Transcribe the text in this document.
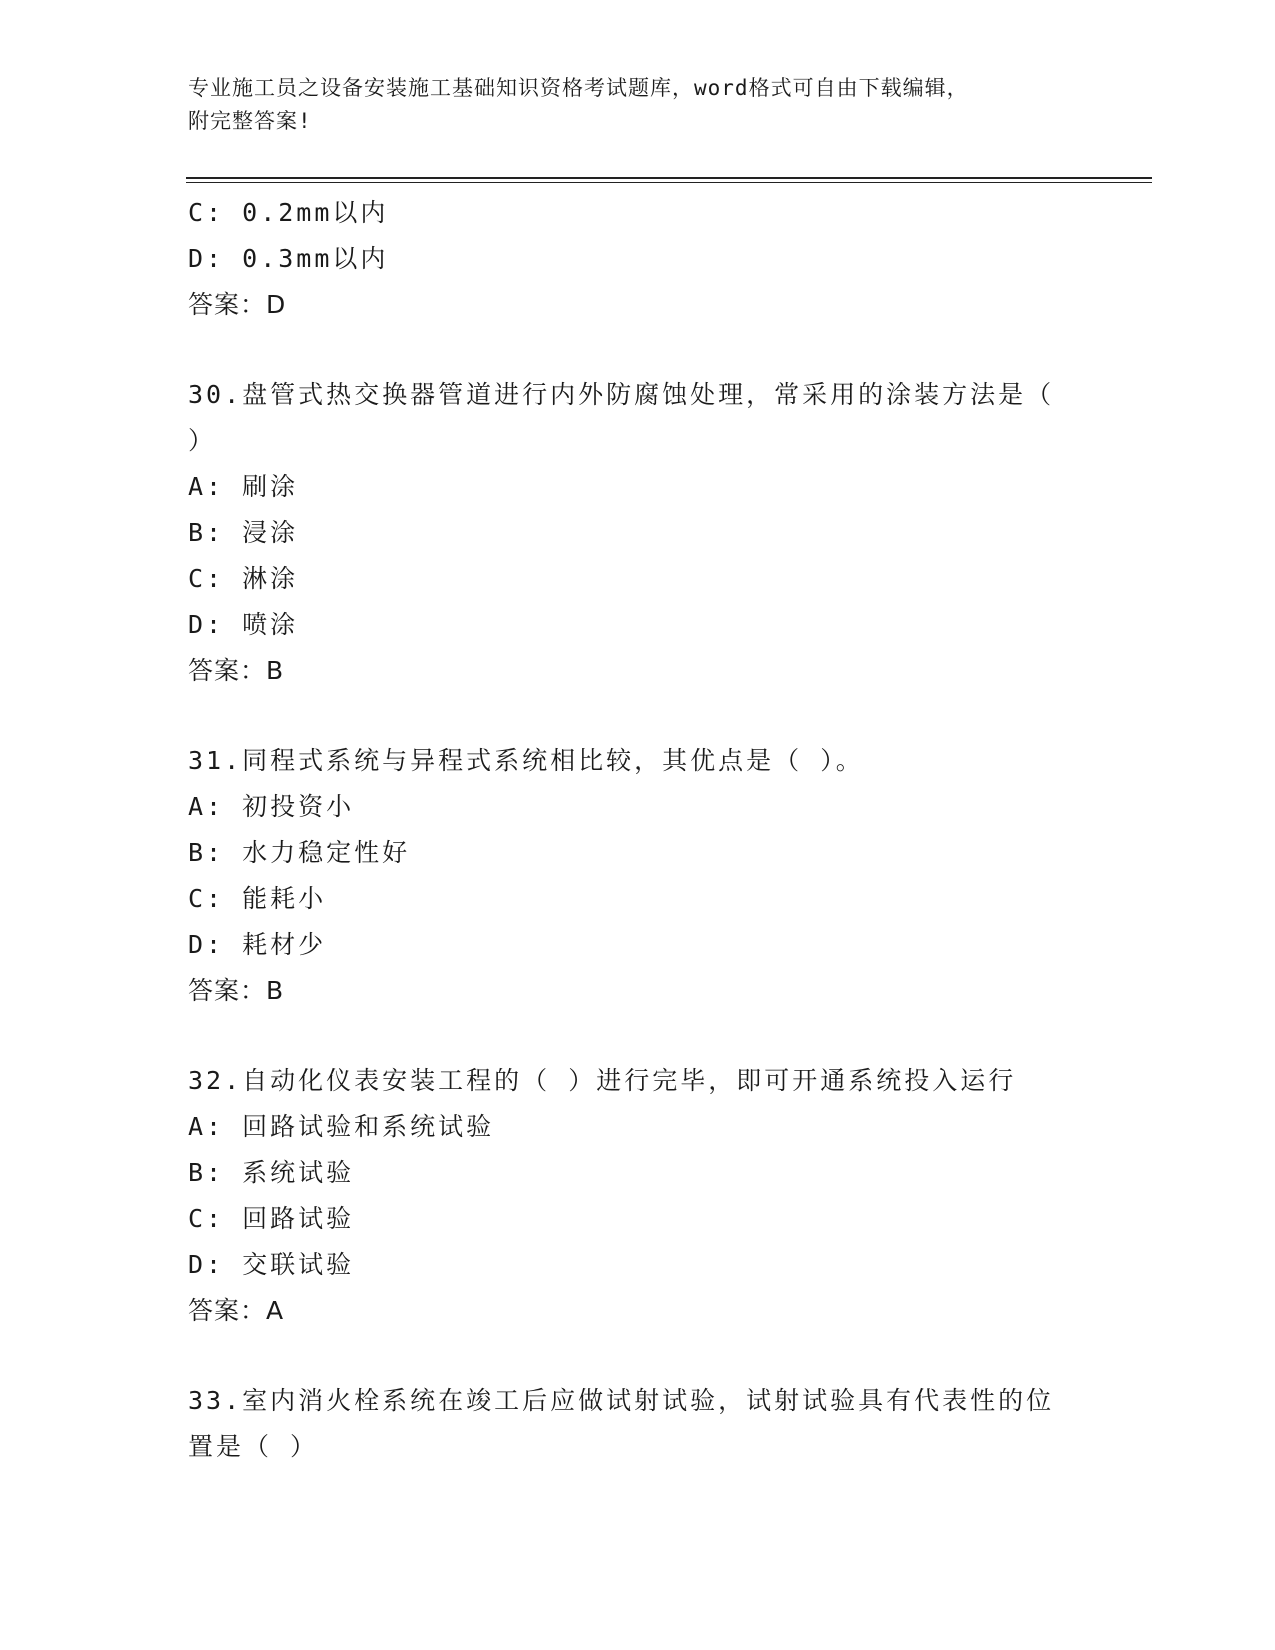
专业施工员之设备安装施工基础知识资格考试题库，word格式可自由下载编辑，
附完整答案!
C: 0.2mm以内
D: 0.3mm以内
答案：D
30.盘管式热交换器管道进行内外防腐蚀处理，常采用的涂装方法是（
）
A: 刷涂
B: 浸涂
C: 淋涂
D: 喷涂
答案：B
31.同程式系统与异程式系统相比较，其优点是（ ）。
A: 初投资小
B: 水力稳定性好
C: 能耗小
D: 耗材少
答案：B
32.自动化仪表安装工程的（ ）进行完毕，即可开通系统投入运行
A: 回路试验和系统试验
B: 系统试验
C: 回路试验
D: 交联试验
答案：A
33.室内消火栓系统在竣工后应做试射试验，试射试验具有代表性的位
置是（ ）
